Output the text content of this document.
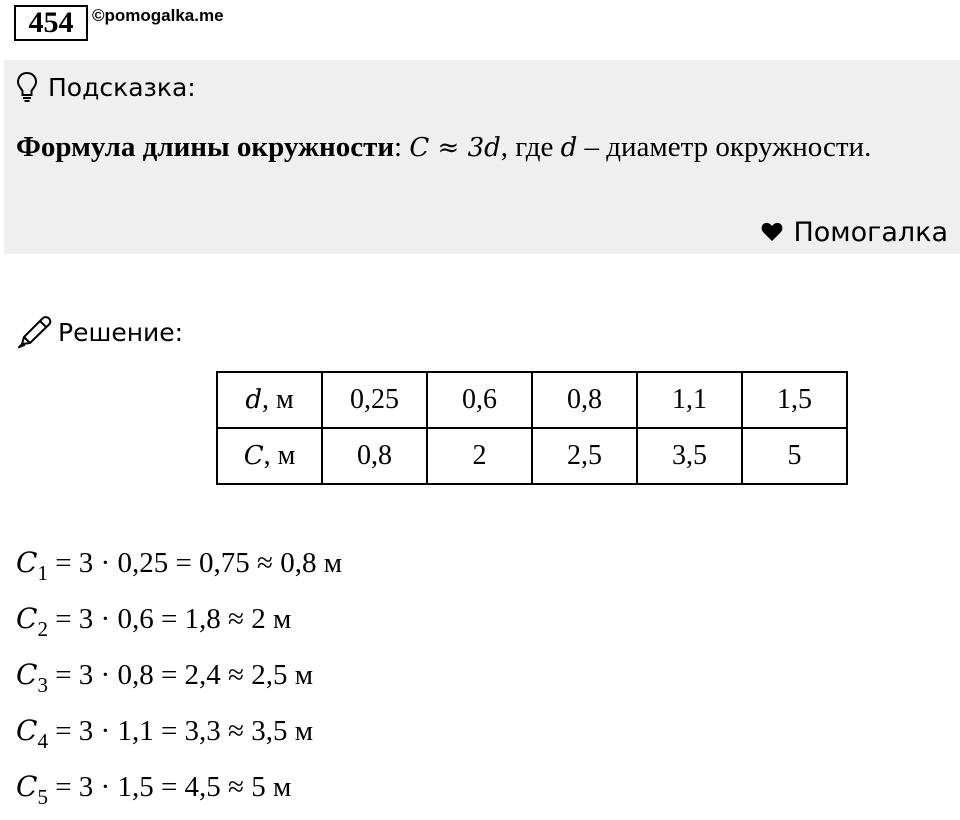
454	©pomogalka.me
Подсказка:
Формула длины окружности: C ≈ 3d, где d – диаметр окружности.
Помогалка
Решение:
d, м	0,25	0,6	0,8	1,1	1,5
C, м	0,8	2	2,5	3,5	5
$C_1 = 3 \cdot 0,25 = 0,75 \approx 0,8$ м
$C_2 = 3 \cdot 0,6 = 1,8 \approx 2$ м
$C_3 = 3 \cdot 0,8 = 2,4 \approx 2,5$ м
$C_4 = 3 \cdot 1,1 = 3,3 \approx 3,5$ м
$C_5 = 3 \cdot 1,5 = 4,5 \approx 5$ м
